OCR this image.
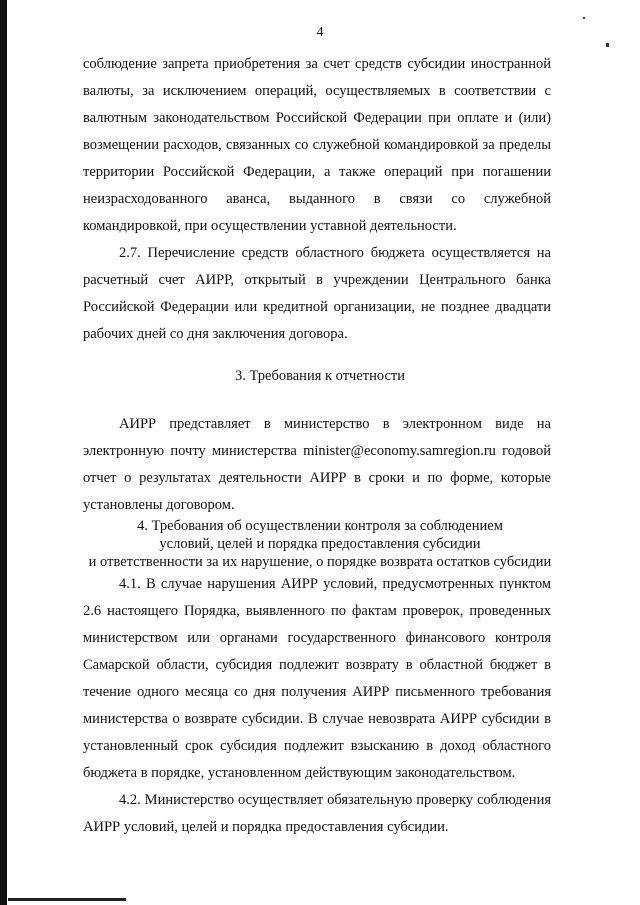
4

соблюдение запрета приобретения за счет средств субсидии иностранной валюты, за исключением операций, осуществляемых в соответствии с валютным законодательством Российской Федерации при оплате и (или) возмещении расходов, связанных со служебной командировкой за пределы территории Российской Федерации, а также операций при погашении неизрасходованного аванса, выданного в связи со служебной командировкой, при осуществлении уставной деятельности.

2.7. Перечисление средств областного бюджета осуществляется на расчетный счет АИРР, открытый в учреждении Центрального банка Российской Федерации или кредитной организации, не позднее двадцати рабочих дней со дня заключения договора.

3. Требования к отчетности

АИРР представляет в министерство в электронном виде на электронную почту министерства minister@economy.samregion.ru годовой отчет о результатах деятельности АИРР в сроки и по форме, которые установлены договором.

4. Требования об осуществлении контроля за соблюдением
условий, целей и порядка предоставления субсидии
и ответственности за их нарушение, о порядке возврата остатков субсидии

4.1. В случае нарушения АИРР условий, предусмотренных пунктом 2.6 настоящего Порядка, выявленного по фактам проверок, проведенных министерством или органами государственного финансового контроля Самарской области, субсидия подлежит возврату в областной бюджет в течение одного месяца со дня получения АИРР письменного требования министерства о возврате субсидии. В случае невозврата АИРР субсидии в установленный срок субсидия подлежит взысканию в доход областного бюджета в порядке, установленном действующим законодательством.

4.2. Министерство осуществляет обязательную проверку соблюдения АИРР условий, целей и порядка предоставления субсидии.
